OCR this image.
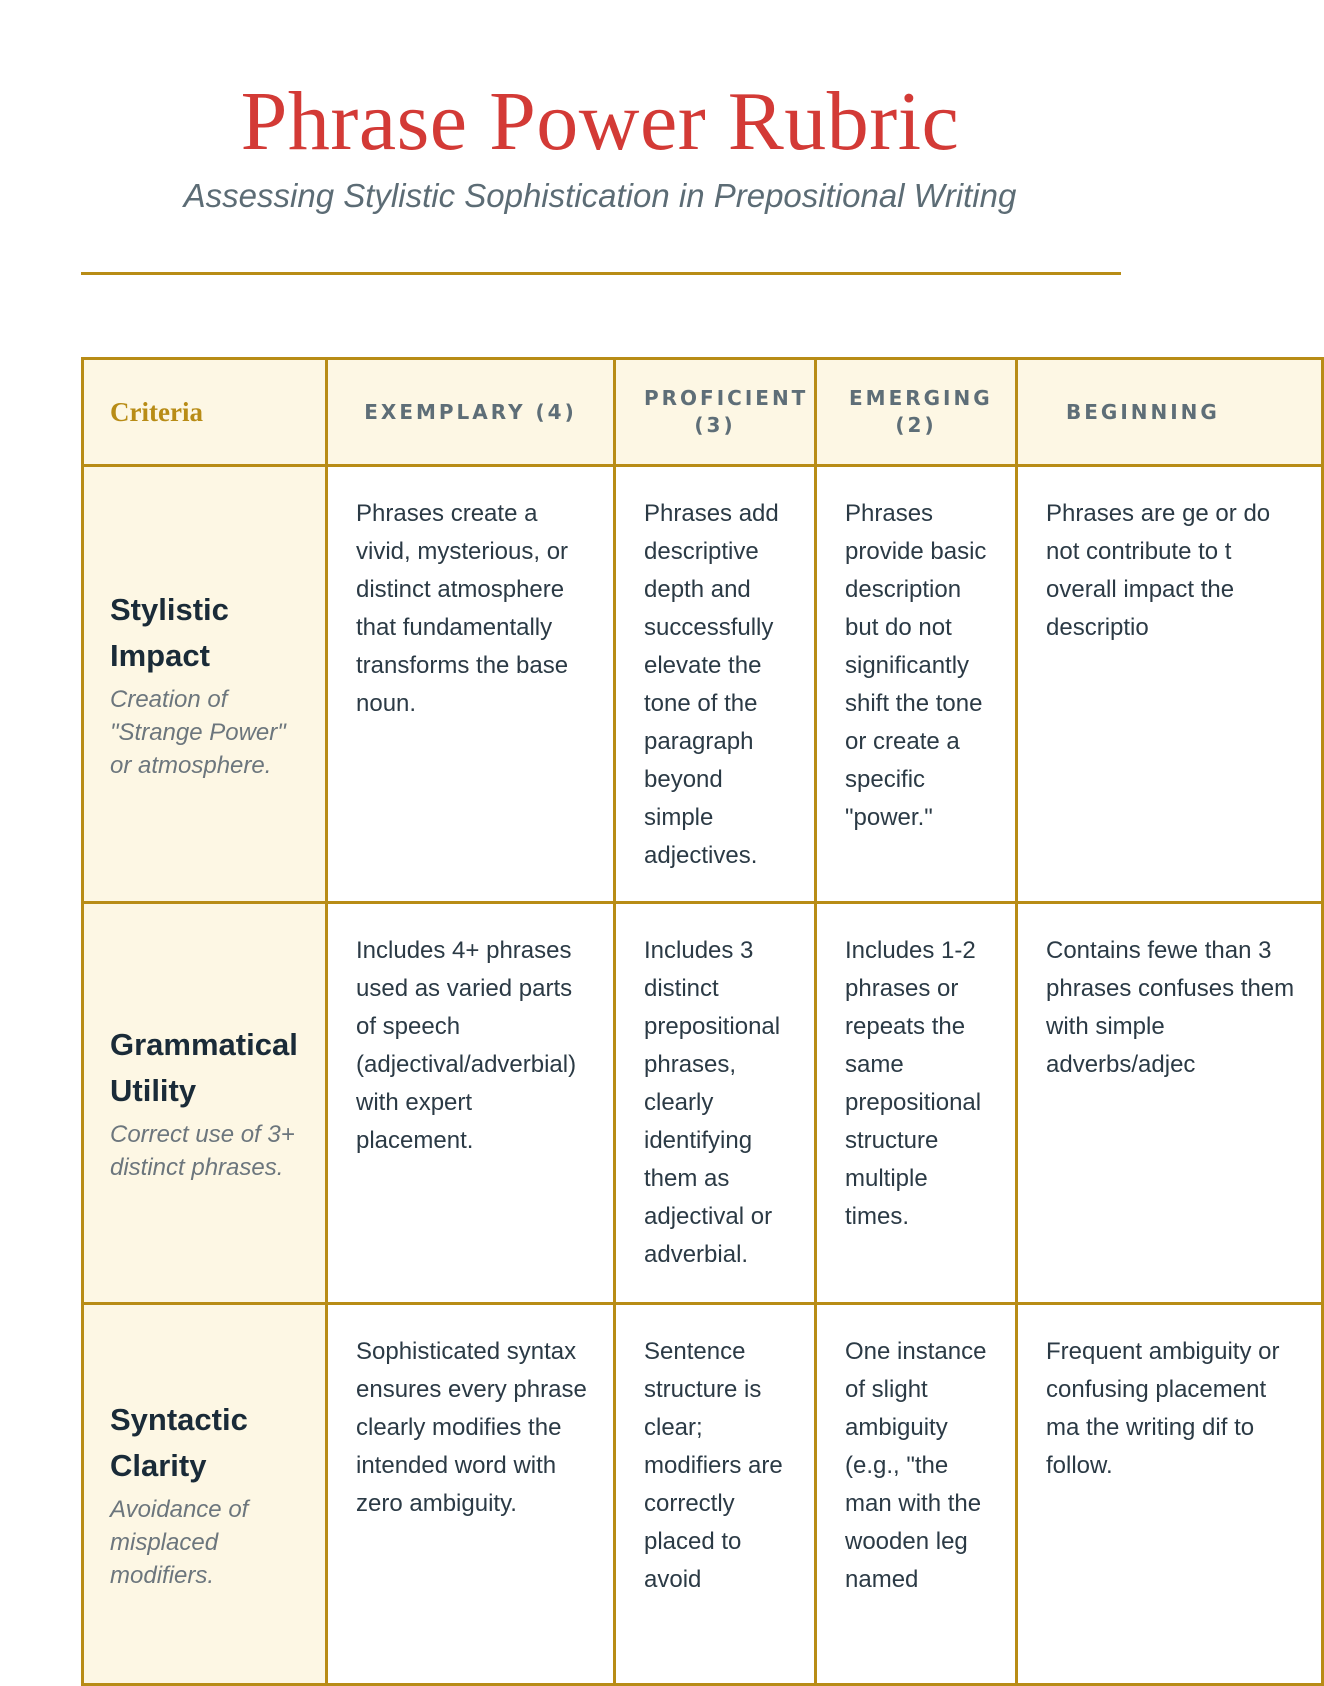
Phrase Power Rubric

Assessing Stylistic Sophistication in Prepositional Writing

Criteria	EXEMPLARY (4)	PROFICIENT (3)	EMERGING (2)	BEGINNING

Stylistic Impact
Creation of "Strange Power" or atmosphere.	Phrases create a vivid, mysterious, or distinct atmosphere that fundamentally transforms the base noun.	Phrases add descriptive depth and successfully elevate the tone of the paragraph beyond simple adjectives.	Phrases provide basic description but do not significantly shift the tone or create a specific "power."	Phrases are ge or do not contribute to t overall impact the descriptio

Grammatical Utility
Correct use of 3+ distinct phrases.	Includes 4+ phrases used as varied parts of speech (adjectival/adverbial) with expert placement.	Includes 3 distinct prepositional phrases, clearly identifying them as adjectival or adverbial.	Includes 1-2 phrases or repeats the same prepositional structure multiple times.	Contains fewe than 3 phrases confuses them with simple adverbs/adjec

Syntactic Clarity
Avoidance of misplaced modifiers.	Sophisticated syntax ensures every phrase clearly modifies the intended word with zero ambiguity.	Sentence structure is clear; modifiers are correctly placed to avoid	One instance of slight ambiguity (e.g., "the man with the wooden leg named	Frequent ambiguity or confusing placement ma the writing dif to follow.
